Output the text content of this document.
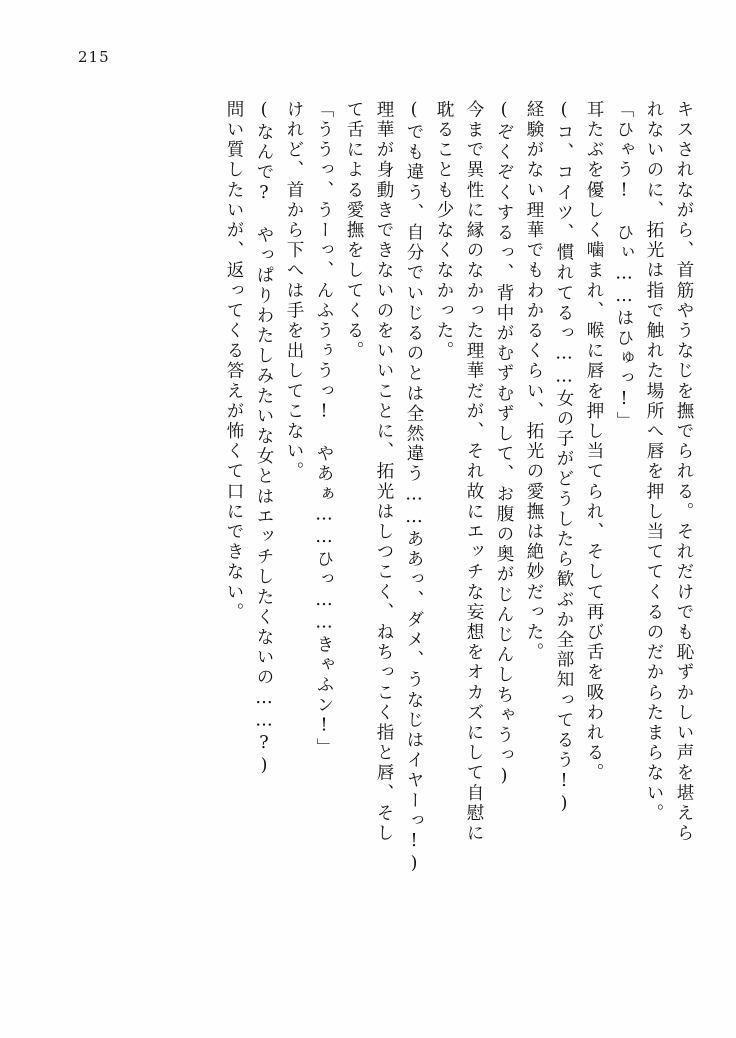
215
キスされながら、首筋やうなじを撫でられる。それだけでも恥ずかしい声を堪えら
れないのに、拓光は指で触れた場所へ唇を押し当ててくるのだからたまらない。
「ひゃう!　ひぃ……はひゅっ!」
耳たぶを優しく噛まれ、喉に唇を押し当てられ、そして再び舌を吸われる。
(コ、コイツ、慣れてるっ……女の子がどうしたら歓ぶか全部知ってるう!)
経験がない理華でもわかるくらい、拓光の愛撫は絶妙だった。
(ぞくぞくするっ、背中がむずむずして、お腹の奥がじんじんしちゃうっ)
今まで異性に縁のなかった理華だが、それ故にエッチな妄想をオカズにして自慰に
耽ることも少なくなかった。
(でも違う、自分でいじるのとは全然違う……ああっ、ダメ、うなじはイヤーっ!)
理華が身動きできないのをいいことに、拓光はしつこく、ねちっこく指と唇、そし
て舌による愛撫をしてくる。
「ううっ、うーっ、んふうぅうっ!　やあぁ……ひっ……きゃふン!」
けれど、首から下へは手を出してこない。
(なんで?　やっぱりわたしみたいな女とはエッチしたくないの……?)
問い質したいが、返ってくる答えが怖くて口にできない。
